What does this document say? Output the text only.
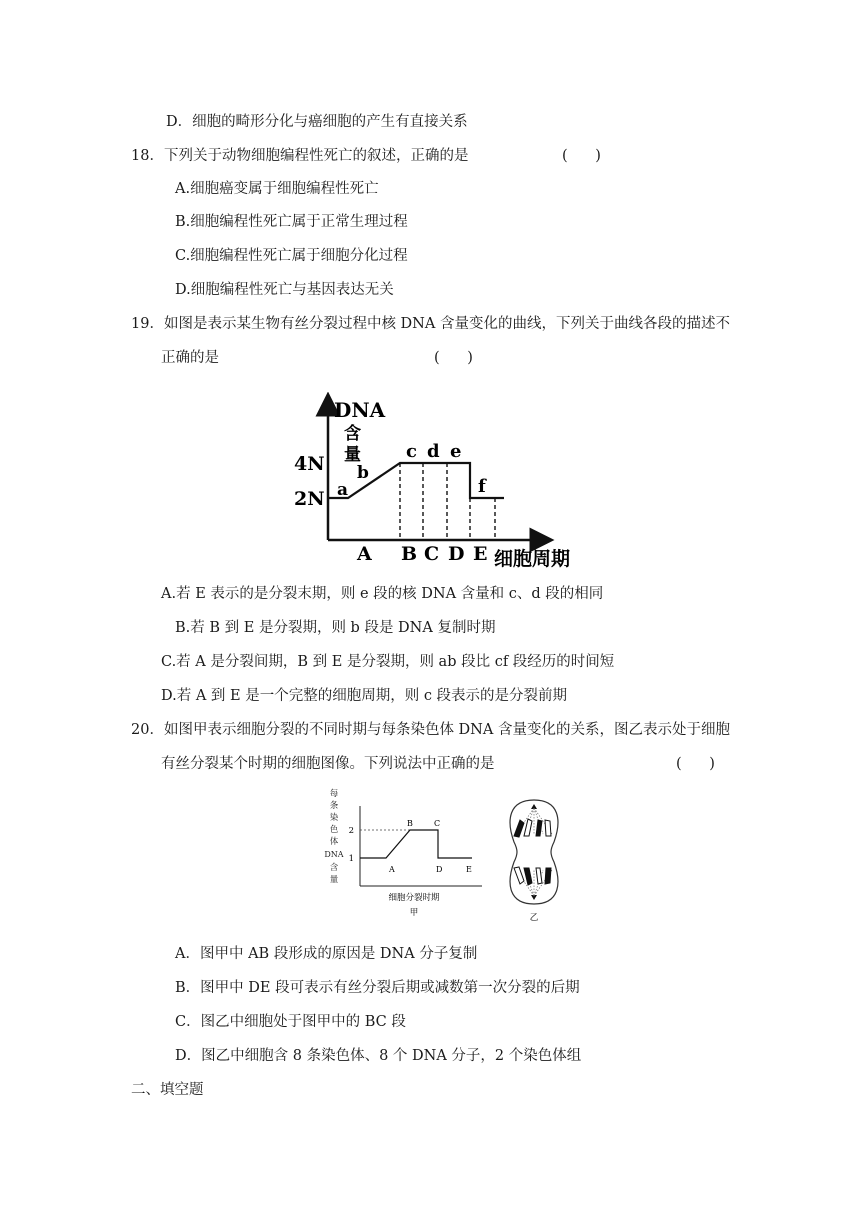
D．细胞的畸形分化与癌细胞的产生有直接关系
18．下列关于动物细胞编程性死亡的叙述，正确的是	(      )
A.细胞癌变属于细胞编程性死亡
B.细胞编程性死亡属于正常生理过程
C.细胞编程性死亡属于细胞分化过程
D.细胞编程性死亡与基因表达无关
19．如图是表示某生物有丝分裂过程中核 DNA 含量变化的曲线，下列关于曲线各段的描述不
正确的是	(      )
DNA
含
量
4N
2N a
b
c d e
f
A B C D E 细胞周期
A.若 E 表示的是分裂末期，则 e 段的核 DNA 含量和 c、d 段的相同
B.若 B 到 E 是分裂期，则 b 段是 DNA 复制时期
C.若 A 是分裂间期，B 到 E 是分裂期，则 ab 段比 cf 段经历的时间短
D.若 A 到 E 是一个完整的细胞周期，则 c 段表示的是分裂前期
20．如图甲表示细胞分裂的不同时期与每条染色体 DNA 含量变化的关系，图乙表示处于细胞
有丝分裂某个时期的细胞图像。下列说法中正确的是	(      )
每
条
染
色
体
DNA
含
量
2
1
A
B	C
D	E
细胞分裂时期
甲	乙
A．图甲中 AB 段形成的原因是 DNA 分子复制
B．图甲中 DE 段可表示有丝分裂后期或减数第一次分裂的后期
C．图乙中细胞处于图甲中的 BC 段
D．图乙中细胞含 8 条染色体、8 个 DNA 分子，2 个染色体组
二、填空题
